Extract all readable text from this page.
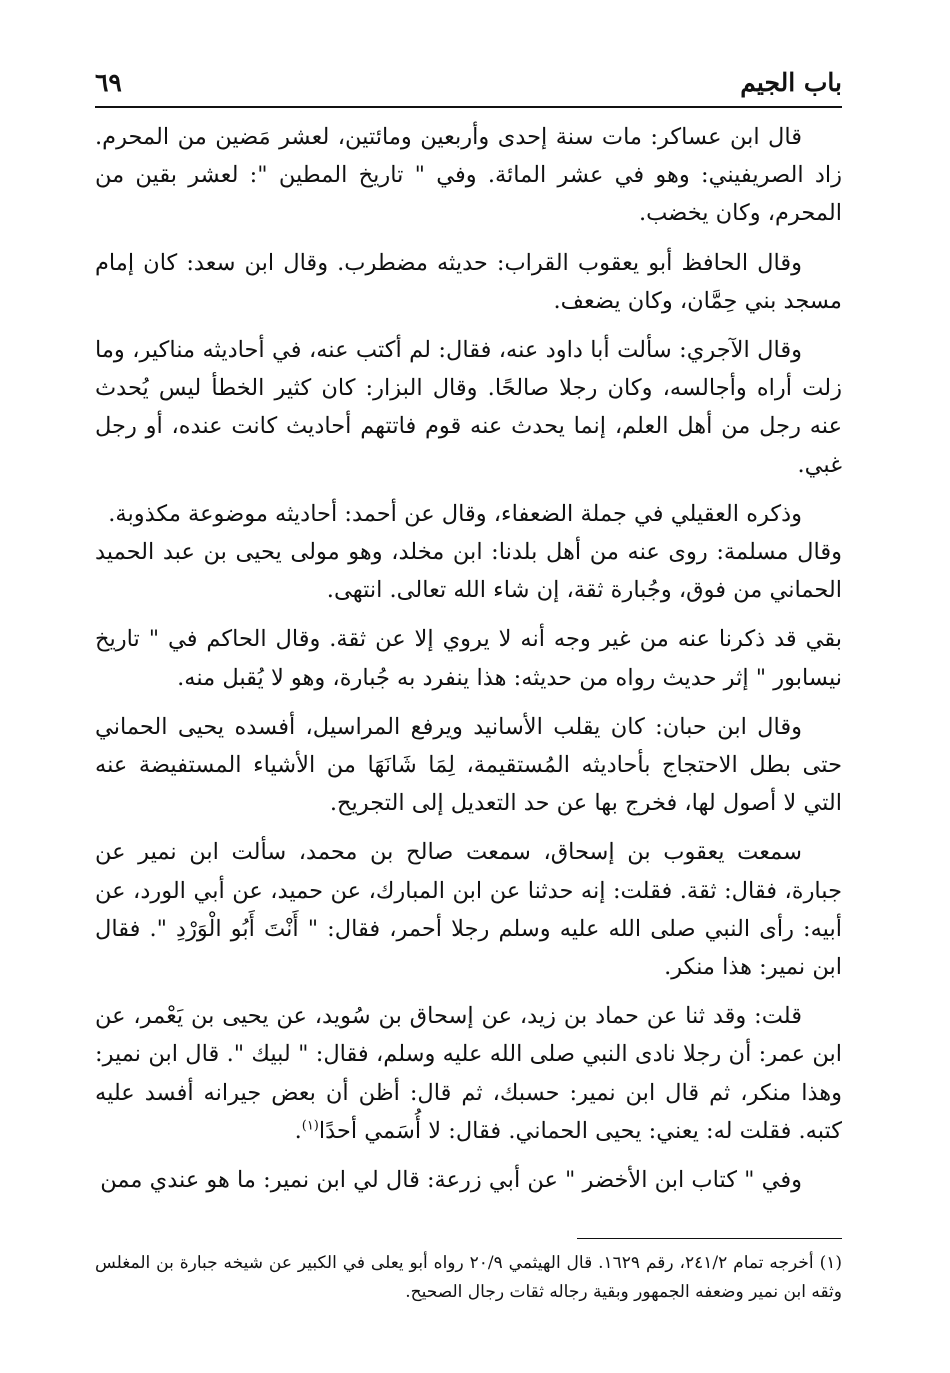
باب الجيم
٦٩

قال ابن عساكر: مات سنة إحدى وأربعين ومائتين، لعشر مَضين من المحرم. زاد الصريفيني: وهو في عشر المائة. وفي " تاريخ المطين ": لعشر بقين من المحرم، وكان يخضب.

وقال الحافظ أبو يعقوب القراب: حديثه مضطرب. وقال ابن سعد: كان إمام مسجد بني حِمَّان، وكان يضعف.

وقال الآجري: سألت أبا داود عنه، فقال: لم أكتب عنه، في أحاديثه مناكير، وما زلت أراه وأجالسه، وكان رجلا صالحًا. وقال البزار: كان كثير الخطأ ليس يُحدث عنه رجل من أهل العلم، إنما يحدث عنه قوم فاتتهم أحاديث كانت عنده، أو رجل غبي.

وذكره العقيلي في جملة الضعفاء، وقال عن أحمد: أحاديثه موضوعة مكذوبة.

وقال مسلمة: روى عنه من أهل بلدنا: ابن مخلد، وهو مولى يحيى بن عبد الحميد الحماني من فوق، وجُبارة ثقة، إن شاء الله تعالى. انتهى.

بقي قد ذكرنا عنه من غير وجه أنه لا يروي إلا عن ثقة. وقال الحاكم في " تاريخ نيسابور " إثر حديث رواه من حديثه: هذا ينفرد به جُبارة، وهو لا يُقبل منه.

وقال ابن حبان: كان يقلب الأسانيد ويرفع المراسيل، أفسده يحيى الحماني حتى بطل الاحتجاج بأحاديثه المُستقيمة، لِمَا شَانَهَا من الأشياء المستفيضة عنه التي لا أصول لها، فخرج بها عن حد التعديل إلى التجريح.

سمعت يعقوب بن إسحاق، سمعت صالح بن محمد، سألت ابن نمير عن جبارة، فقال: ثقة. فقلت: إنه حدثنا عن ابن المبارك، عن حميد، عن أبي الورد، عن أبيه: رأى النبي صلى الله عليه وسلم رجلا أحمر، فقال: " أَنْتَ أَبُو الْوَرْدِ ". فقال ابن نمير: هذا منكر.

قلت: وقد ثنا عن حماد بن زيد، عن إسحاق بن سُويد، عن يحيى بن يَعْمر، عن ابن عمر: أن رجلا نادى النبي صلى الله عليه وسلم، فقال: " لبيك ". قال ابن نمير: وهذا منكر، ثم قال ابن نمير: حسبك، ثم قال: أظن أن بعض جيرانه أفسد عليه كتبه. فقلت له: يعني: يحيى الحماني. فقال: لا أُسَمي أحدًا$^{(١)}$.

وفي " كتاب ابن الأخضر " عن أبي زرعة: قال لي ابن نمير: ما هو عندي ممن

(١)أخرجه تمام ٢٤١/٢، رقم ١٦٢٩. قال الهيثمي ٢٠/٩ رواه أبو يعلى في الكبير عن شيخه جبارة بن المغلس وثقه ابن نمير وضعفه الجمهور وبقية رجاله ثقات رجال الصحيح.
